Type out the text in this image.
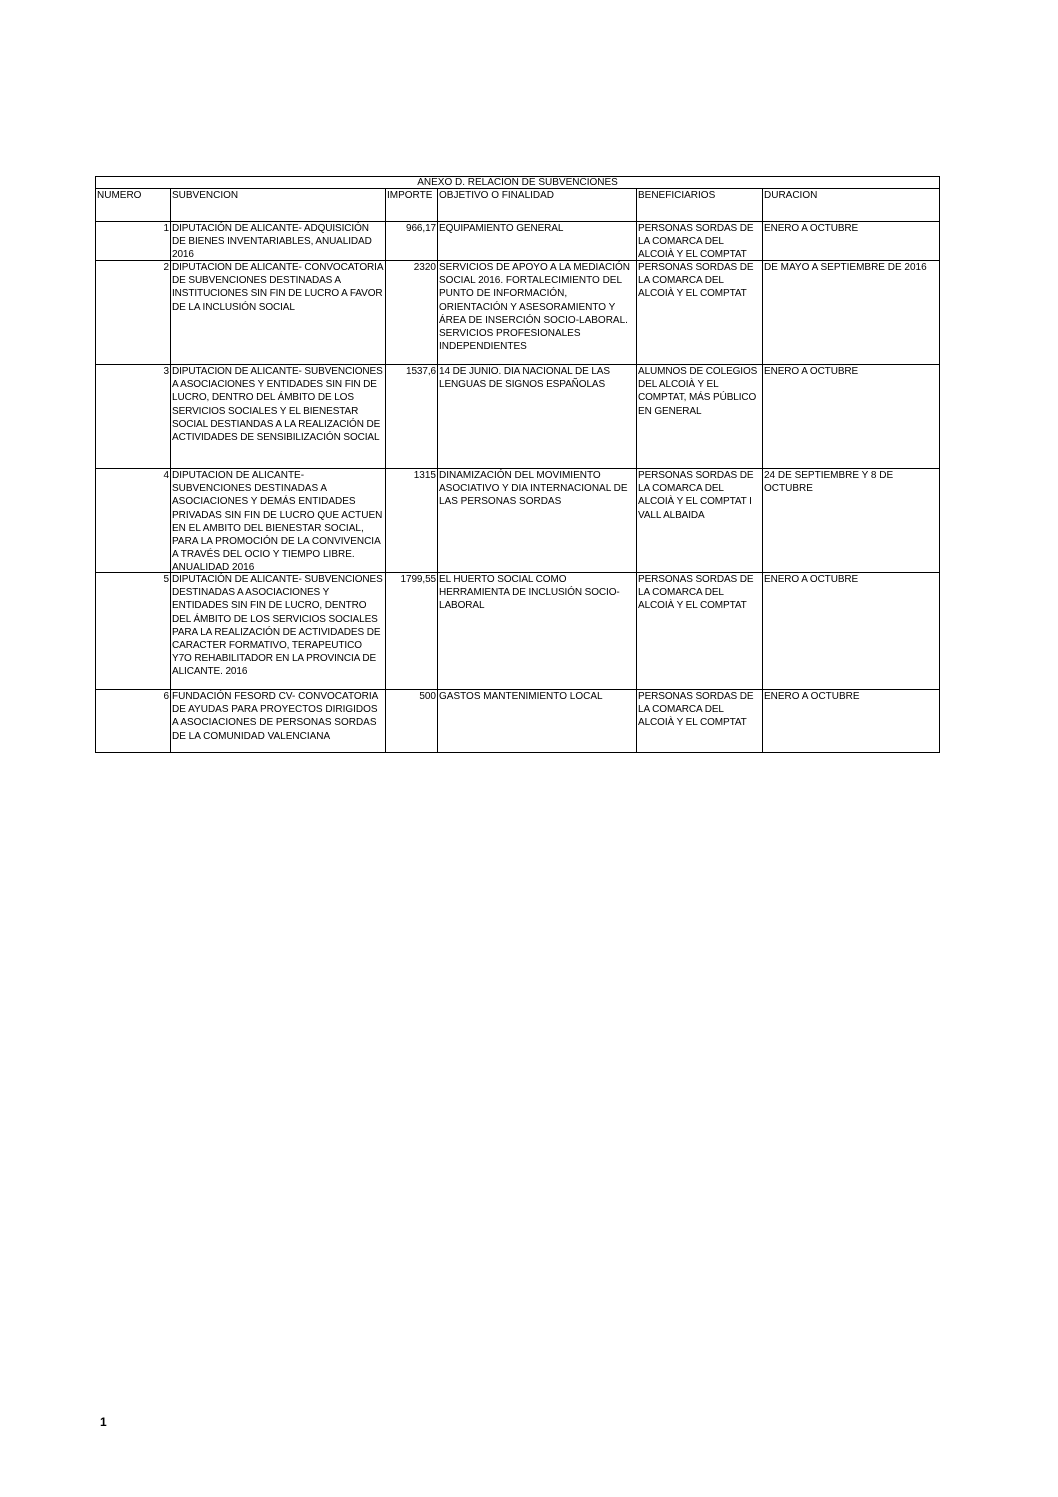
ANEXO D. RELACION DE SUBVENCIONES					
NUMERO	SUBVENCION	IMPORTE	OBJETIVO O FINALIDAD	BENEFICIARIOS	DURACION
1	DIPUTACIÓN DE ALICANTE- ADQUISICIÓN DE BIENES INVENTARIABLES, ANUALIDAD 2016	966,17	EQUIPAMIENTO GENERAL	PERSONAS SORDAS DE LA COMARCA DEL ALCOIÀ Y EL COMPTAT	ENERO A OCTUBRE
2	DIPUTACION DE ALICANTE- CONVOCATORIA DE SUBVENCIONES DESTINADAS A INSTITUCIONES SIN FIN DE LUCRO A FAVOR DE LA INCLUSIÓN SOCIAL	2320	SERVICIOS DE APOYO A LA MEDIACIÓN SOCIAL 2016. FORTALECIMIENTO DEL PUNTO DE INFORMACIÓN, ORIENTACIÓN Y ASESORAMIENTO Y ÁREA DE INSERCIÓN SOCIO-LABORAL. SERVICIOS PROFESIONALES INDEPENDIENTES	PERSONAS SORDAS DE LA COMARCA DEL ALCOIÀ Y EL COMPTAT	DE MAYO A SEPTIEMBRE DE 2016
3	DIPUTACION DE ALICANTE- SUBVENCIONES A ASOCIACIONES Y ENTIDADES SIN FIN DE LUCRO, DENTRO DEL ÁMBITO DE LOS SERVICIOS SOCIALES Y EL BIENESTAR SOCIAL DESTIANDAS A LA REALIZACIÓN DE ACTIVIDADES DE SENSIBILIZACIÓN SOCIAL	1537,6	14 DE JUNIO. DIA NACIONAL DE LAS LENGUAS DE SIGNOS ESPAÑOLAS	ALUMNOS DE COLEGIOS DEL ALCOIÀ Y EL COMPTAT, MÁS PÚBLICO EN GENERAL	ENERO A OCTUBRE
4	DIPUTACION DE ALICANTE- SUBVENCIONES DESTINADAS A ASOCIACIONES Y DEMÁS ENTIDADES PRIVADAS SIN FIN DE LUCRO QUE ACTUEN EN EL AMBITO DEL BIENESTAR SOCIAL, PARA LA PROMOCIÓN DE LA CONVIVENCIA A TRAVÉS DEL OCIO Y TIEMPO LIBRE. ANUALIDAD 2016	1315	DINAMIZACIÓN DEL MOVIMIENTO ASOCIATIVO Y DIA INTERNACIONAL DE LAS PERSONAS SORDAS	PERSONAS SORDAS DE LA COMARCA DEL ALCOIÀ Y EL COMPTAT I VALL ALBAIDA	24 DE SEPTIEMBRE Y 8 DE OCTUBRE
5	DIPUTACIÓN DE ALICANTE- SUBVENCIONES DESTINADAS A ASOCIACIONES Y ENTIDADES SIN FIN DE LUCRO, DENTRO DEL ÁMBITO DE LOS SERVICIOS SOCIALES PARA LA REALIZACIÓN DE ACTIVIDADES DE CARACTER FORMATIVO, TERAPEUTICO Y7O REHABILITADOR EN LA PROVINCIA DE ALICANTE. 2016	1799,55	EL HUERTO SOCIAL COMO HERRAMIENTA DE INCLUSIÓN SOCIO-LABORAL	PERSONAS SORDAS DE LA COMARCA DEL ALCOIÀ Y EL COMPTAT	ENERO A OCTUBRE
6	FUNDACIÓN FESORD CV- CONVOCATORIA DE AYUDAS PARA PROYECTOS DIRIGIDOS A ASOCIACIONES DE PERSONAS SORDAS DE LA COMUNIDAD VALENCIANA	500	GASTOS MANTENIMIENTO LOCAL	PERSONAS SORDAS DE LA COMARCA DEL ALCOIÀ Y EL COMPTAT	ENERO A OCTUBRE
1
